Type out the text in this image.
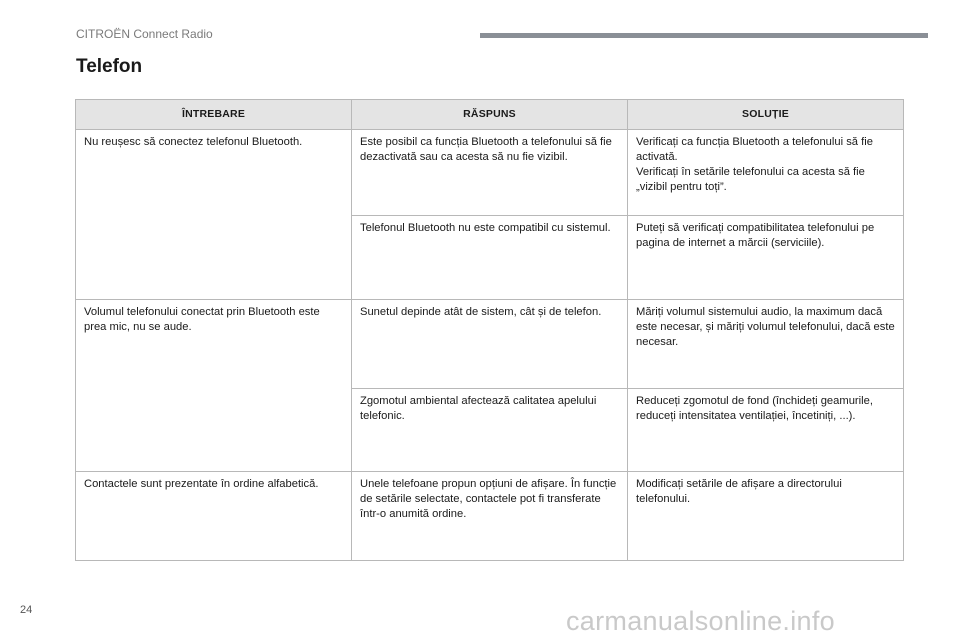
CITROËN Connect Radio
Telefon
ÎNTREBARE	RĂSPUNS	SOLUȚIE
Nu reușesc să conectez telefonul Bluetooth.	Este posibil ca funcția Bluetooth a telefonului să fie dezactivată sau ca acesta să nu fie vizibil.	Verificați ca funcția Bluetooth a telefonului să fie activată.
Verificați în setările telefonului ca acesta să fie „vizibil pentru toți”.
	Telefonul Bluetooth nu este compatibil cu sistemul.	Puteți să verificați compatibilitatea telefonului pe pagina de internet a mărcii (serviciile).
Volumul telefonului conectat prin Bluetooth este prea mic, nu se aude.	Sunetul depinde atât de sistem, cât și de telefon.	Măriți volumul sistemului audio, la maximum dacă este necesar, și măriți volumul telefonului, dacă este necesar.
	Zgomotul ambiental afectează calitatea apelului telefonic.	Reduceți zgomotul de fond (închideți geamurile, reduceți intensitatea ventilației, încetiniți, ...).
Contactele sunt prezentate în ordine alfabetică.	Unele telefoane propun opțiuni de afișare. În funcție de setările selectate, contactele pot fi transferate într-o anumită ordine.	Modificați setările de afișare a directorului telefonului.
24	carmanualsonline.info
